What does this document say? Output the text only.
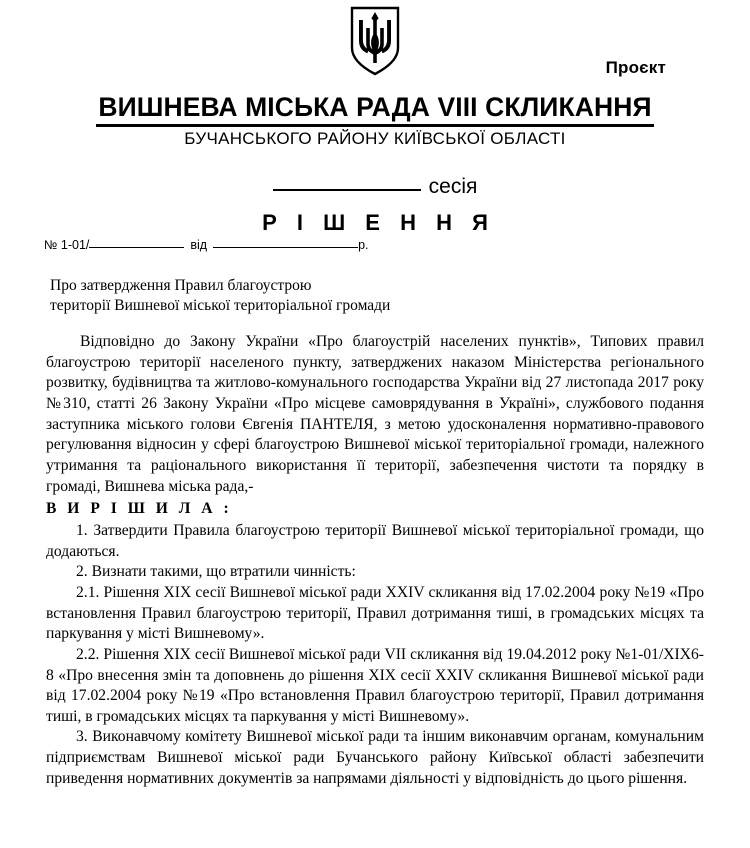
Проєкт
ВИШНЕВА МІСЬКА РАДА VIII СКЛИКАННЯ
БУЧАНСЬКОГО РАЙОНУ КИЇВСЬКОЇ ОБЛАСТІ
сесія
Р І Ш Е Н Н Я
№ 1-01/	від	р.
Про затвердження Правил благоустрою
території Вишневої міської територіальної громади

Відповідно до Закону України «Про благоустрій населених пунктів», Типових правил благоустрою території населеного пункту, затверджених наказом Міністерства регіонального розвитку, будівництва та житлово-комунального господарства України від 27 листопада 2017 року №310, статті 26 Закону України «Про місцеве самоврядування в Україні», службового подання заступника міського голови Євгенія ПАНТЕЛЯ, з метою удосконалення нормативно-правового регулювання відносин у сфері благоустрою Вишневої міської територіальної громади, належного утримання та раціонального використання її території, забезпечення чистоти та порядку в громаді, Вишнева міська рада,-

В И Р І Ш И Л А :

1. Затвердити Правила благоустрою території Вишневої міської територіальної громади, що додаються.

2. Визнати такими, що втратили чинність:

2.1. Рішення XIX сесії Вишневої міської ради XXIV скликання від 17.02.2004 року №19 «Про встановлення Правил благоустрою території, Правил дотримання тиші, в громадських місцях та паркування у місті Вишневому».

2.2. Рішення XIX сесії Вишневої міської ради VII скликання від 19.04.2012 року №1-01/XIX6-8 «Про внесення змін та доповнень до рішення XIX сесії XXIV скликання Вишневої міської ради від 17.02.2004 року №19 «Про встановлення Правил благоустрою території, Правил дотримання тиші, в громадських місцях та паркування у місті Вишневому».

3. Виконавчому комітету Вишневої міської ради та іншим виконавчим органам, комунальним підприємствам Вишневої міської ради Бучанського району Київської області забезпечити приведення нормативних документів за напрямами діяльності у відповідність до цього рішення.
